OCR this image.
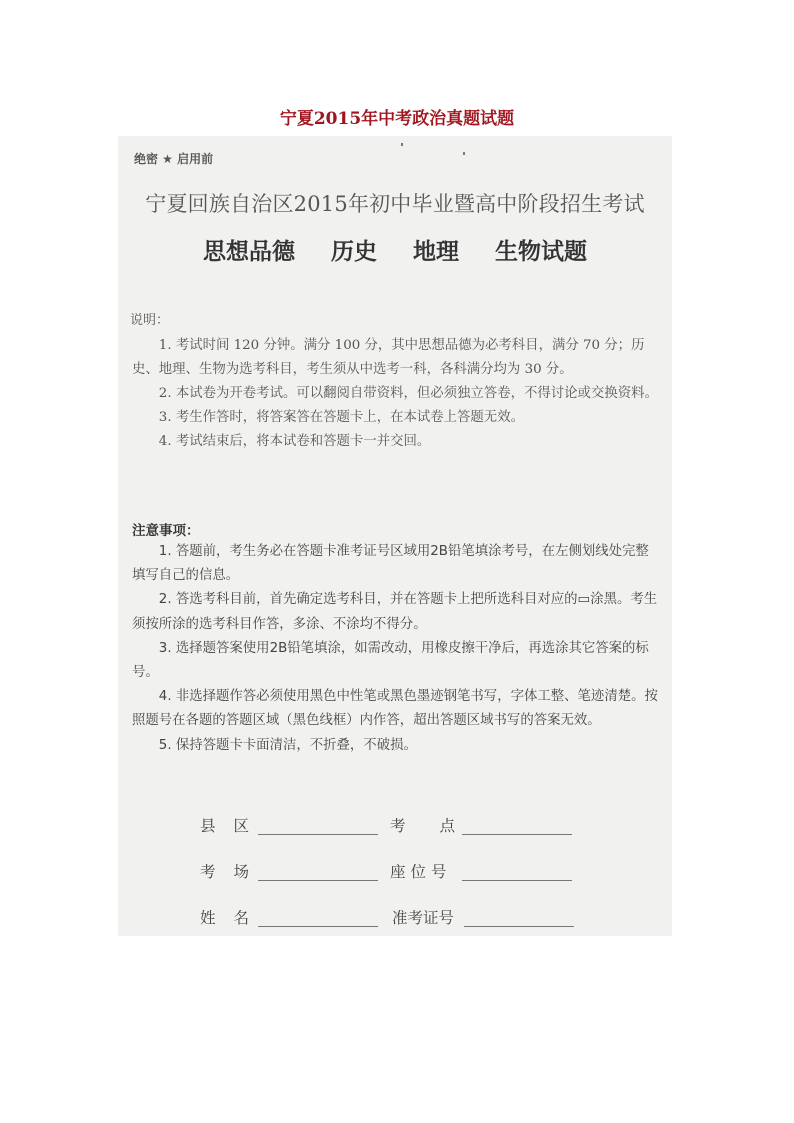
宁夏2015年中考政治真题试题
绝密 ★ 启用前
宁夏回族自治区2015年初中毕业暨高中阶段招生考试
思想品德 历史 地理 生物试题
说明：

1. 考试时间 120 分钟。满分 100 分，其中思想品德为必考科目，满分 70 分；历史、地理、生物为选考科目，考生须从中选考一科，各科满分均为 30 分。

2. 本试卷为开卷考试。可以翻阅自带资料，但必须独立答卷，不得讨论或交换资料。

3. 考生作答时，将答案答在答题卡上，在本试卷上答题无效。

4. 考试结束后，将本试卷和答题卡一并交回。

注意事项：

1. 答题前，考生务必在答题卡准考证号区域用2B铅笔填涂考号，在左侧划线处完整填写自己的信息。

2. 答选考科目前，首先确定选考科目，并在答题卡上把所选科目对应的▭涂黑。考生须按所涂的选考科目作答，多涂、不涂均不得分。

3. 选择题答案使用2B铅笔填涂，如需改动，用橡皮擦干净后，再选涂其它答案的标号。

4. 非选择题作答必须使用黑色中性笔或黑色墨迹钢笔书写，字体工整、笔迹清楚。按照题号在各题的答题区域（黑色线框）内作答，超出答题区域书写的答案无效。

5. 保持答题卡卡面清洁，不折叠，不破损。

县区	考点
考场	座位号
姓名	准考证号
